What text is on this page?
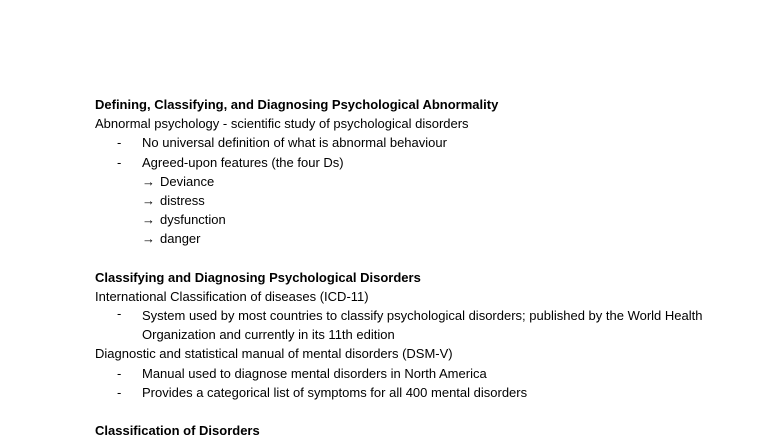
Defining, Classifying, and Diagnosing Psychological Abnormality
Abnormal psychology - scientific study of psychological disorders
-	No universal definition of what is abnormal behaviour
-	Agreed-upon features (the four Ds)
→ Deviance
→ distress
→ dysfunction
→ danger
Classifying and Diagnosing Psychological Disorders
International Classification of diseases (ICD-11)
-	System used by most countries to classify psychological disorders; published by the World Health Organization and currently in its 11th edition
Diagnostic and statistical manual of mental disorders (DSM-V)
-	Manual used to diagnose mental disorders in North America
-	Provides a categorical list of symptoms for all 400 mental disorders
Classification of Disorders
